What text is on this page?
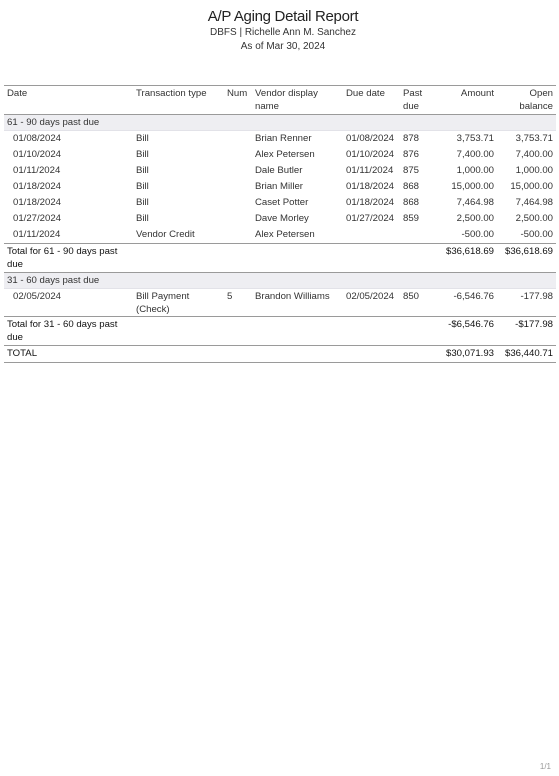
A/P Aging Detail Report
DBFS | Richelle Ann M. Sanchez
As of Mar 30, 2024
Date	Transaction type	Num	Vendor display name	Due date	Past due	Amount	Open balance
61 - 90 days past due							
01/08/2024	Bill		Brian Renner	01/08/2024	878	3,753.71	3,753.71
01/10/2024	Bill		Alex Petersen	01/10/2024	876	7,400.00	7,400.00
01/11/2024	Bill		Dale Butler	01/11/2024	875	1,000.00	1,000.00
01/18/2024	Bill		Brian Miller	01/18/2024	868	15,000.00	15,000.00
01/18/2024	Bill		Caset Potter	01/18/2024	868	7,464.98	7,464.98
01/27/2024	Bill		Dave Morley	01/27/2024	859	2,500.00	2,500.00
01/11/2024	Vendor Credit		Alex Petersen			-500.00	-500.00
Total for 61 - 90 days past due						$36,618.69	$36,618.69
31 - 60 days past due							
02/05/2024	Bill Payment (Check)	5	Brandon Williams	02/05/2024	850	-6,546.76	-177.98
Total for 31 - 60 days past due						-$6,546.76	-$177.98
TOTAL						$30,071.93	$36,440.71
1/1
